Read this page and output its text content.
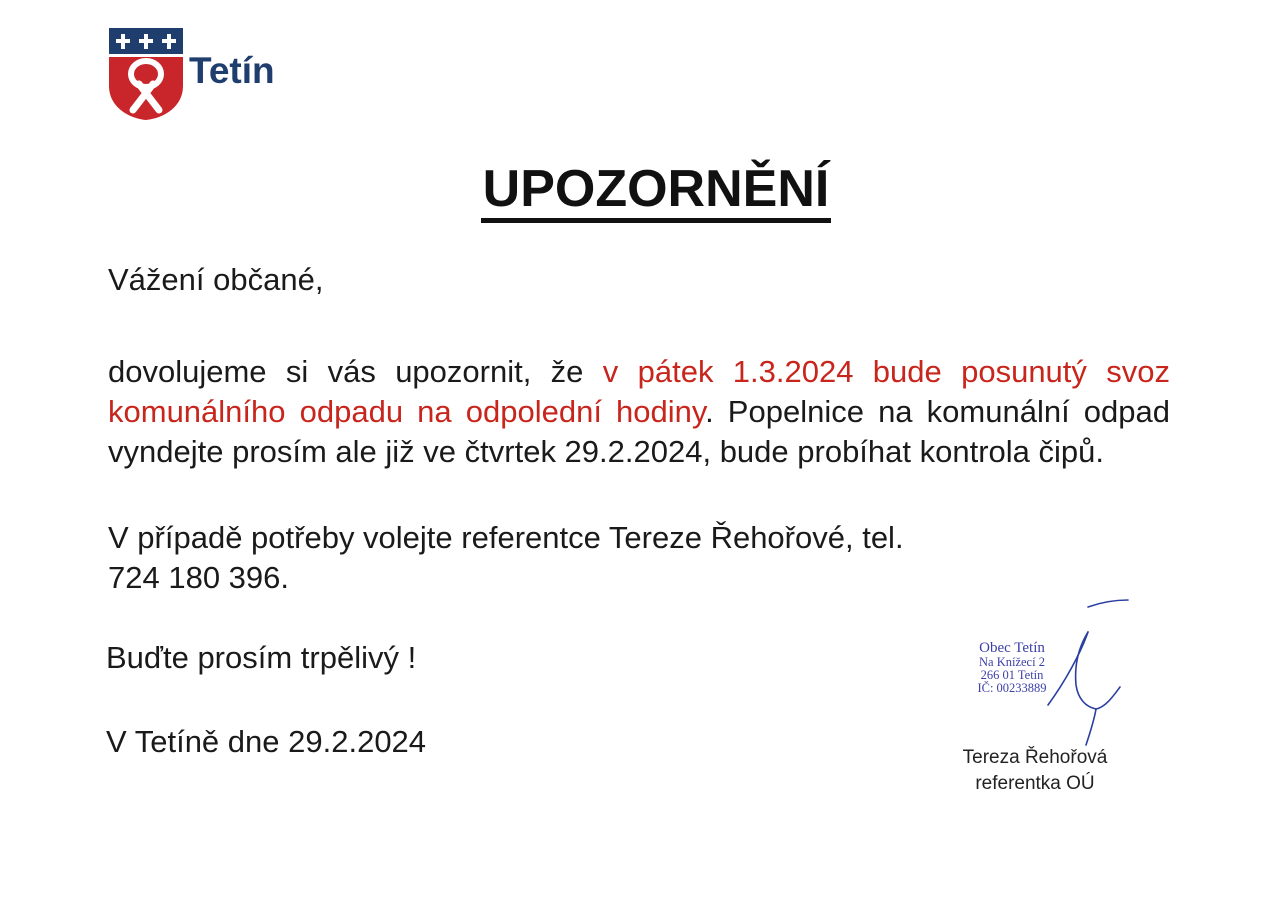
Tetín
UPOZORNĚNÍ

Vážení občané,

dovolujeme si vás upozornit, že v pátek 1.3.2024 bude posunutý svoz komunálního odpadu na odpolední hodiny. Popelnice na komunální odpad vyndejte prosím ale již ve čtvrtek 29.2.2024, bude probíhat kontrola čipů.

V případě potřeby volejte referentce Tereze Řehořové, tel.
724 180 396.

Buďte prosím trpělivý !

V Tetíně dne 29.2.2024

Obec Tetín
Na Knížecí 2
266 01 Tetín
IČ: 00233889
Tereza Řehořová
referentka OÚ
